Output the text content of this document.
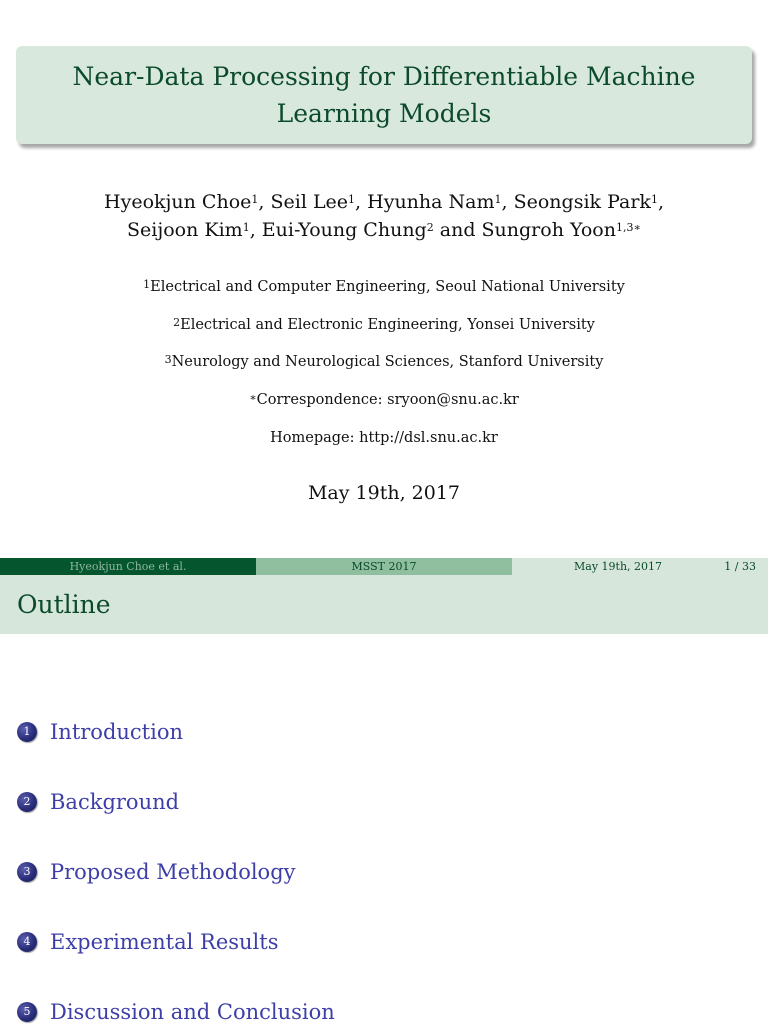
Near-Data Processing for Differentiable Machine
Learning Models
Hyeokjun Choe$^1$, Seil Lee$^1$, Hyunha Nam$^1$, Seongsik Park$^1$,
Seijoon Kim$^1$, Eui-Young Chung$^2$ and Sungroh Yoon$^{1,3∗}$
$^1$Electrical and Computer Engineering, Seoul National University
$^2$Electrical and Electronic Engineering, Yonsei University
$^3$Neurology and Neurological Sciences, Stanford University
∗Correspondence: sryoon@snu.ac.kr
Homepage: http://dsl.snu.ac.kr
May 19th, 2017
Hyeokjun Choe et al.	MSST 2017	May 19th, 2017	1 / 33
Outline
1 Introduction
2 Background
3 Proposed Methodology
4 Experimental Results
5 Discussion and Conclusion
